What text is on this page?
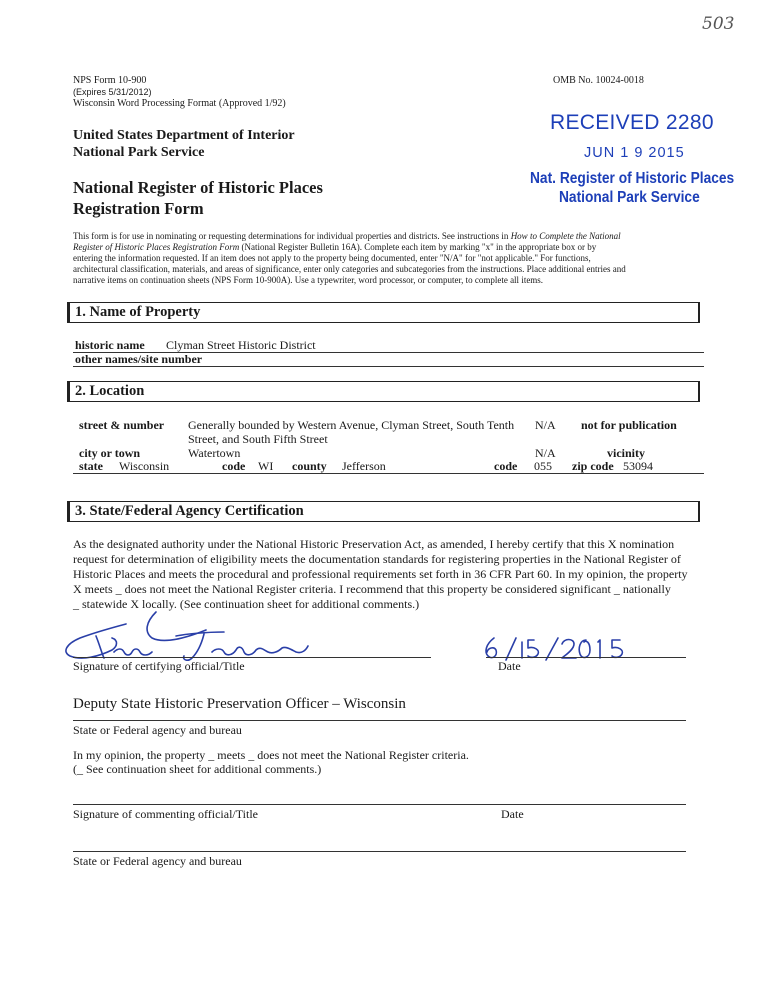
503
NPS Form 10-900
(Expires 5/31/2012)
Wisconsin Word Processing Format (Approved 1/92)
OMB No. 10024-0018
United States Department of Interior
National Park Service
National Register of Historic Places
Registration Form
RECEIVED 2280
JUN 1 9 2015
Nat. Register of Historic Places
National Park Service
This form is for use in nominating or requesting determinations for individual properties and districts. See instructions in How to Complete the National
Register of Historic Places Registration Form (National Register Bulletin 16A). Complete each item by marking "x" in the appropriate box or by
entering the information requested. If an item does not apply to the property being documented, enter "N/A" for "not applicable." For functions,
architectural classification, materials, and areas of significance, enter only categories and subcategories from the instructions. Place additional entries and
narrative items on continuation sheets (NPS Form 10-900A). Use a typewriter, word processor, or computer, to complete all items.
1. Name of Property
historic name Clyman Street Historic District
other names/site number
2. Location
street & number Generally bounded by Western Avenue, Clyman Street, South Tenth
Street, and South Fifth Street
N/A not for publication
city or town	Watertown	N/A	vicinity
state Wisconsin	code WI county Jefferson	code 055 zip code 53094
3. State/Federal Agency Certification
As the designated authority under the National Historic Preservation Act, as amended, I hereby certify that this X nomination
request for determination of eligibility meets the documentation standards for registering properties in the National Register of
Historic Places and meets the procedural and professional requirements set forth in 36 CFR Part 60. In my opinion, the property
X meets _ does not meet the National Register criteria. I recommend that this property be considered significant _ nationally
_ statewide X locally. (See continuation sheet for additional comments.)
Signature of certifying official/Title	Date
Deputy State Historic Preservation Officer – Wisconsin
State or Federal agency and bureau
In my opinion, the property _ meets _ does not meet the National Register criteria.
(_ See continuation sheet for additional comments.)
Signature of commenting official/Title	Date
State or Federal agency and bureau
